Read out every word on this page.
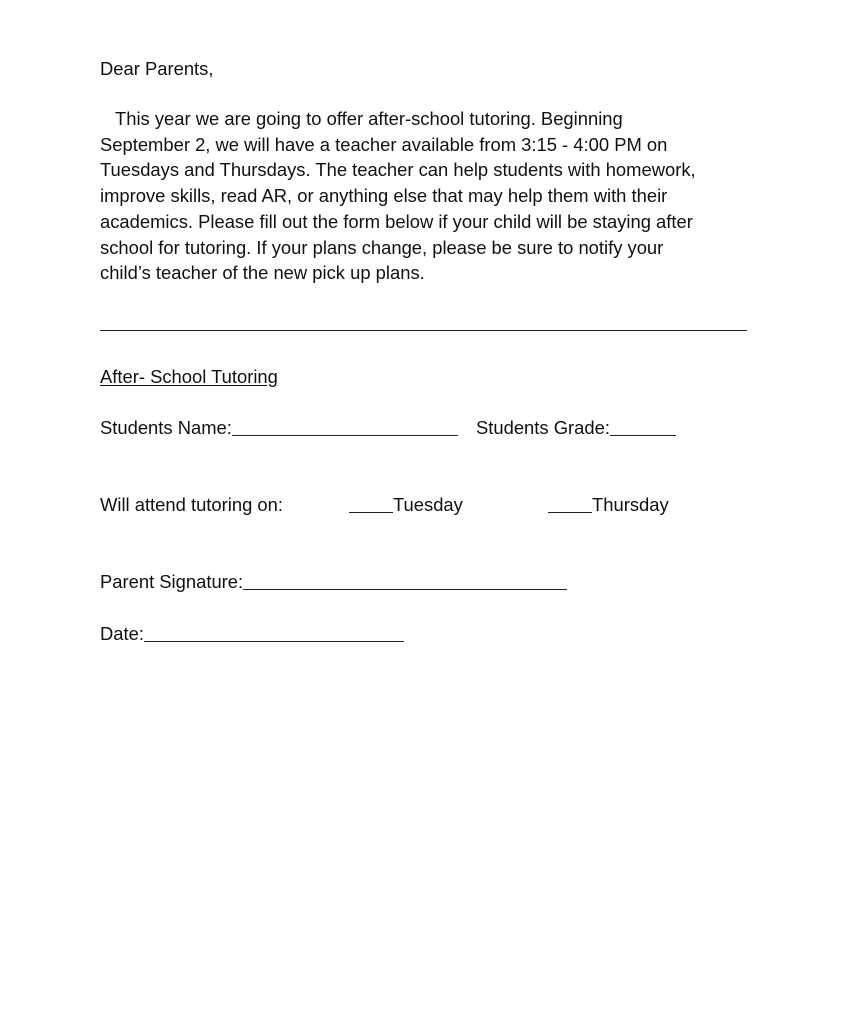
Dear Parents,
This year we are going to offer after-school tutoring. Beginning
September 2, we will have a teacher available from 3:15 - 4:00 PM on
Tuesdays and Thursdays. The teacher can help students with homework,
improve skills, read AR, or anything else that may help them with their
academics. Please fill out the form below if your child will be staying after
school for tutoring. If your plans change, please be sure to notify your
child’s teacher of the new pick up plans.
After- School Tutoring
Students Name:	Students Grade:
Will attend tutoring on:	Tuesday	Thursday
Parent Signature:
Date:
